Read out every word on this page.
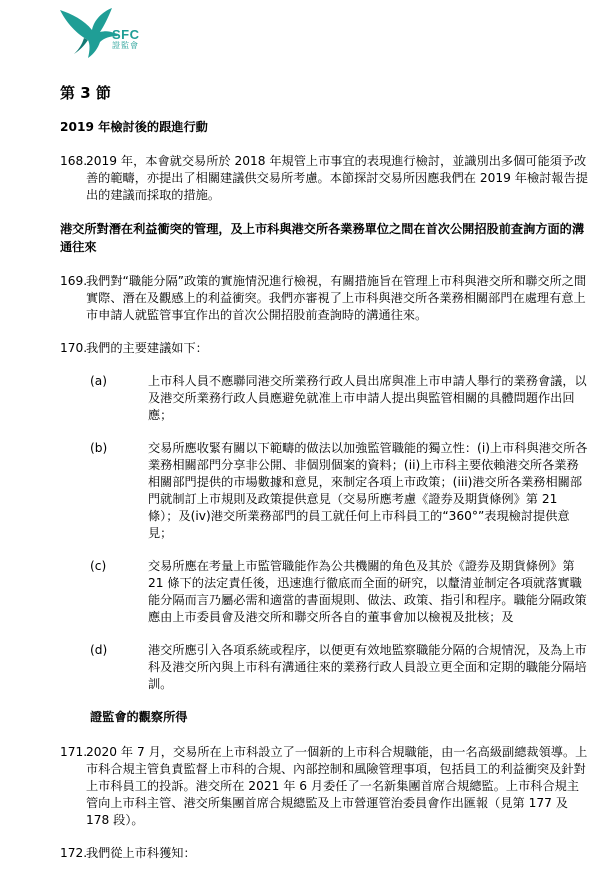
SFC
證監會
第 3 節
2019 年檢討後的跟進行動
168.
2019 年，本會就交易所於 2018 年規管上市事宜的表現進行檢討，並識別出多個可能須予改善的範疇，亦提出了相關建議供交易所考慮。本節探討交易所因應我們在 2019 年檢討報告提出的建議而採取的措施。
港交所對潛在利益衝突的管理，及上市科與港交所各業務單位之間在首次公開招股前查詢方面的溝通往來
169.
我們對“職能分隔”政策的實施情況進行檢視，有關措施旨在管理上市科與港交所和聯交所之間實際、潛在及觀感上的利益衝突。我們亦審視了上市科與港交所各業務相關部門在處理有意上市申請人就監管事宜作出的首次公開招股前查詢時的溝通往來。
170.
我們的主要建議如下：
(a)	上市科人員不應聯同港交所業務行政人員出席與准上市申請人舉行的業務會議，以及港交所業務行政人員應避免就准上市申請人提出與監管相關的具體問題作出回應；
(b)	交易所應收緊有關以下範疇的做法以加強監管職能的獨立性：(i)上市科與港交所各業務相關部門分享非公開、非個別個案的資料；(ii)上市科主要依賴港交所各業務相關部門提供的市場數據和意見，來制定各項上市政策；(iii)港交所各業務相關部門就制訂上市規則及政策提供意見（交易所應考慮《證券及期貨條例》第 21 條）；及(iv)港交所業務部門的員工就任何上市科員工的“360°”表現檢討提供意見；
(c)	交易所應在考量上市監管職能作為公共機關的角色及其於《證券及期貨條例》第 21 條下的法定責任後，迅速進行徹底而全面的研究，以釐清並制定各項就落實職能分隔而言乃屬必需和適當的書面規則、做法、政策、指引和程序。職能分隔政策應由上市委員會及港交所和聯交所各自的董事會加以檢視及批核；及
(d)	港交所應引入各項系統或程序，以便更有效地監察職能分隔的合規情況，及為上市科及港交所內與上市科有溝通往來的業務行政人員設立更全面和定期的職能分隔培訓。
證監會的觀察所得
171.
2020 年 7 月，交易所在上市科設立了一個新的上市科合規職能，由一名高級副總裁領導。上市科合規主管負責監督上市科的合規、內部控制和風險管理事項，包括員工的利益衝突及針對上市科員工的投訴。港交所在 2021 年 6 月委任了一名新集團首席合規總監。上市科合規主管向上市科主管、港交所集團首席合規總監及上市營運管治委員會作出匯報（見第 177 及 178 段）。
172.
我們從上市科獲知：
